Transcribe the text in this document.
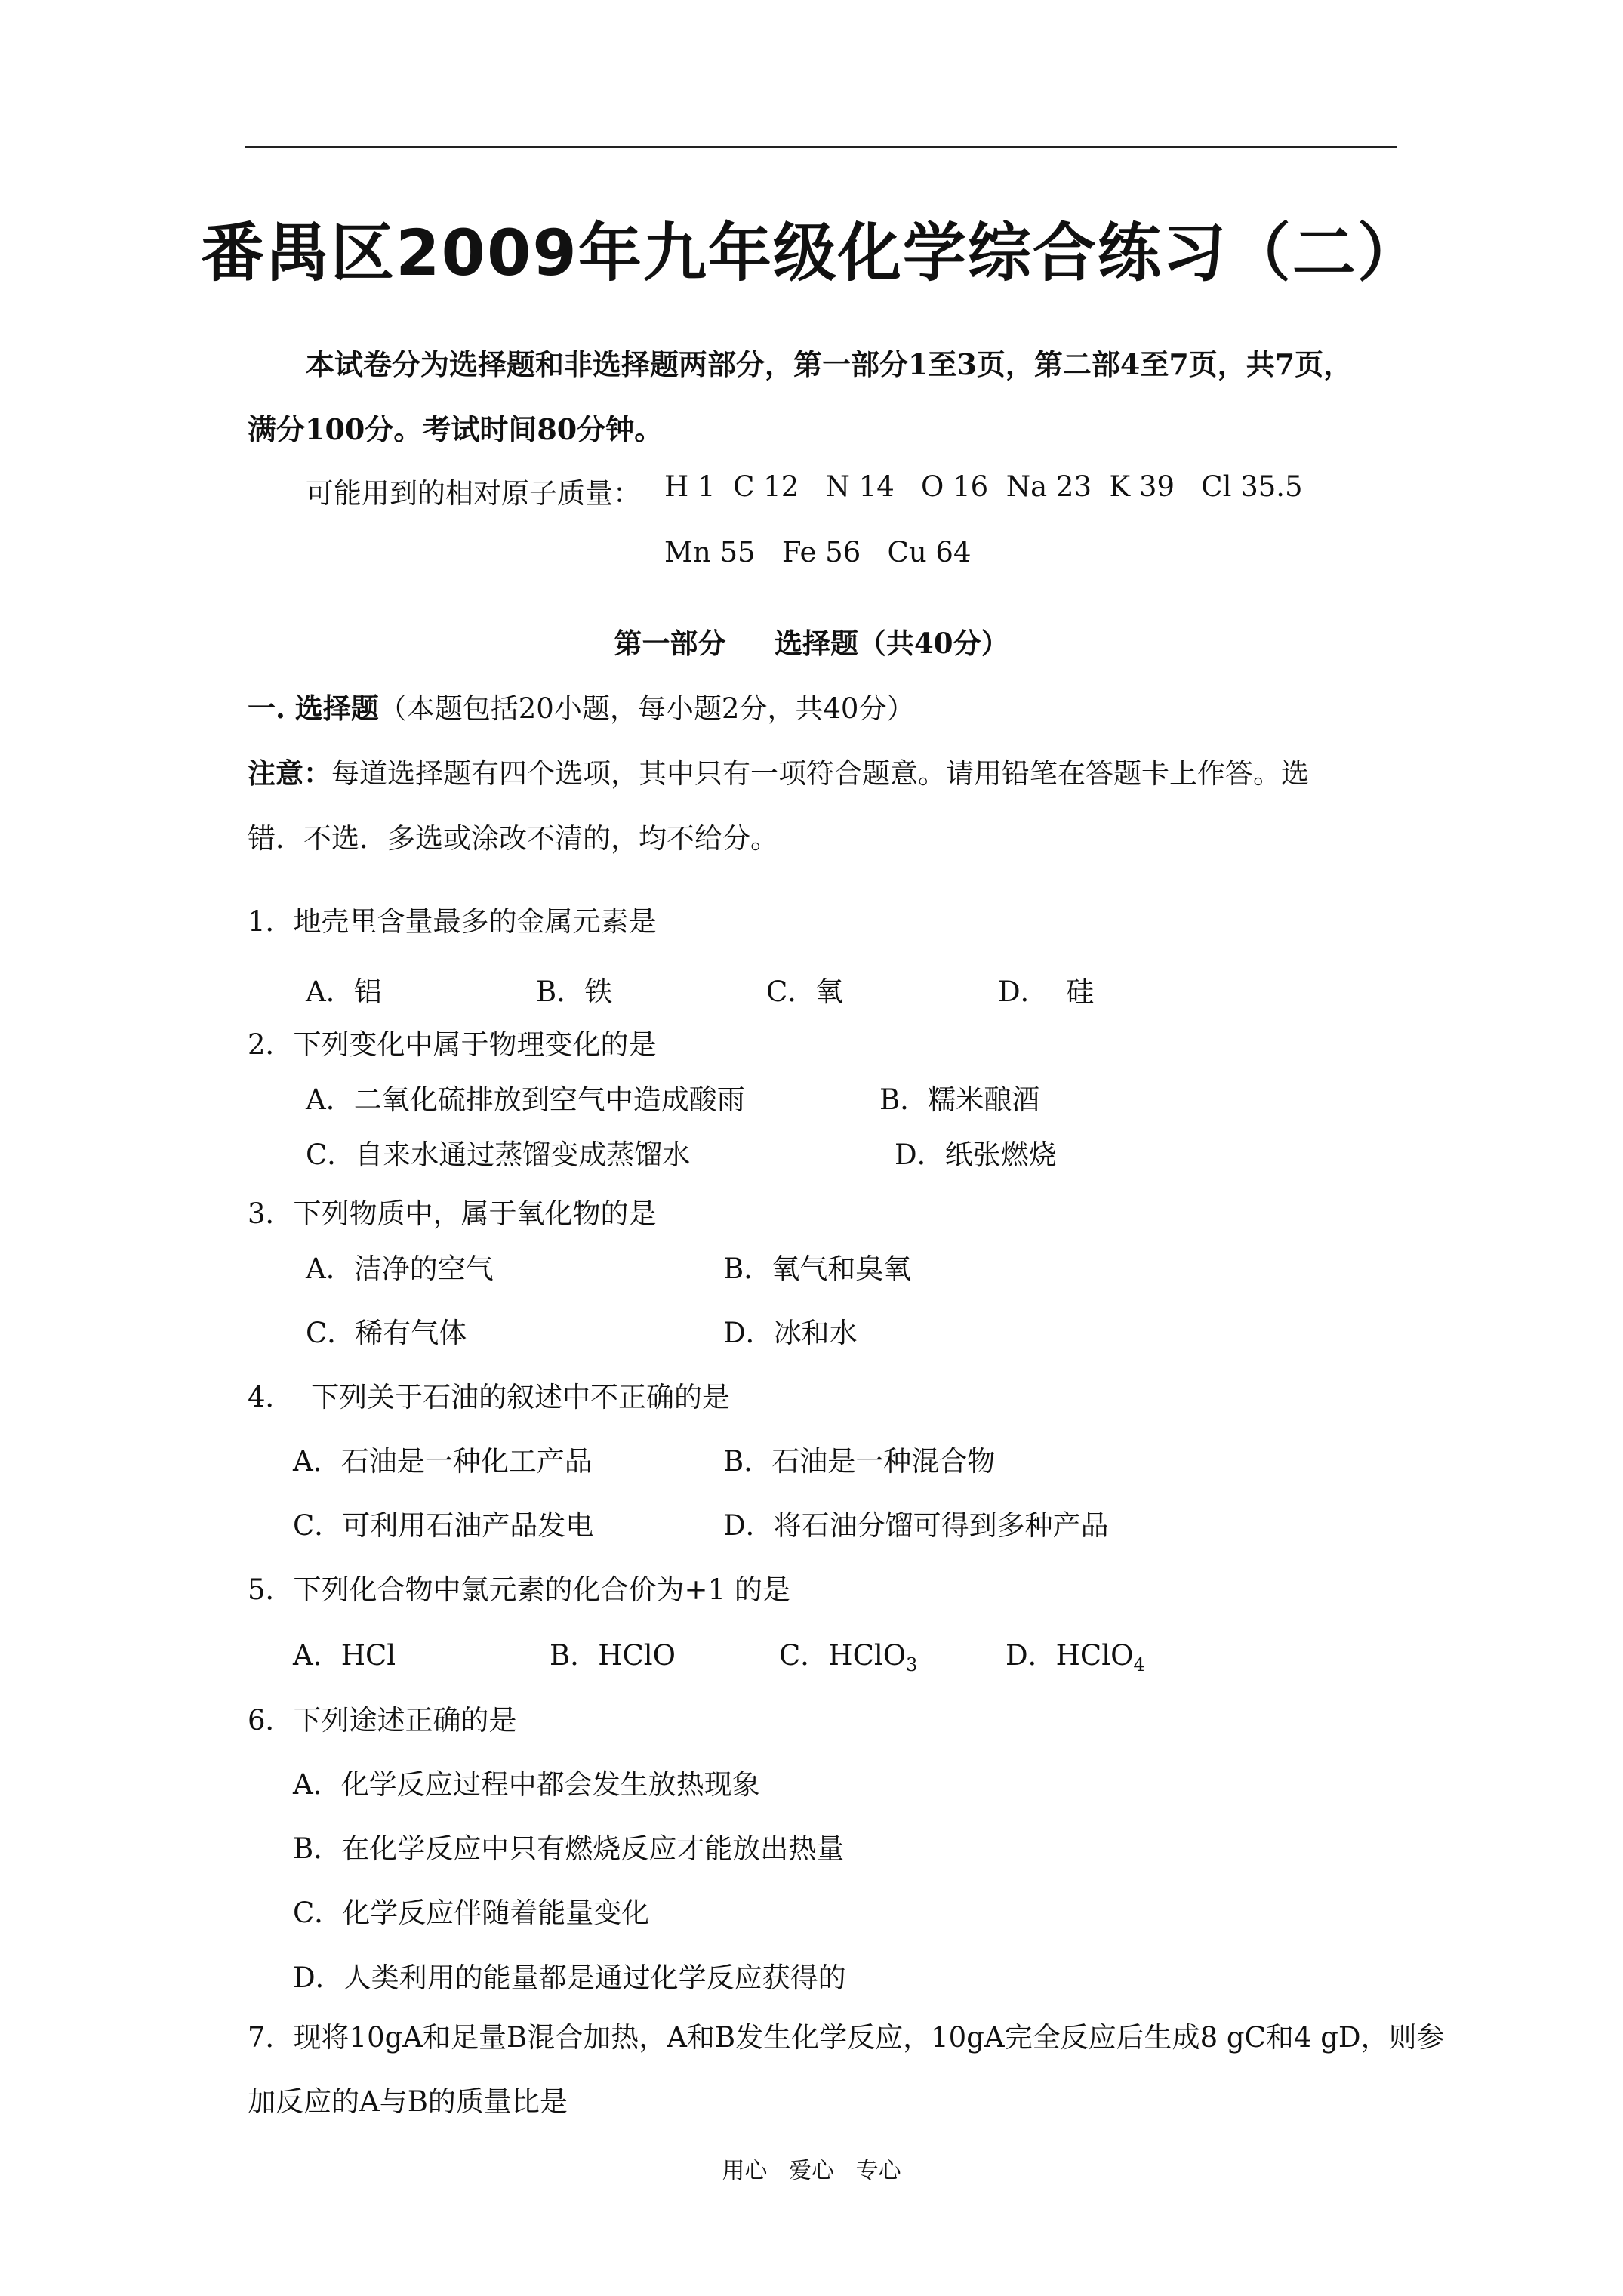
番禺区2009年九年级化学综合练习（二）
本试卷分为选择题和非选择题两部分，第一部分1至3页，第二部4至7页，共7页，
满分100分。考试时间80分钟。
可能用到的相对原子质量： H 1  C 12   N 14   O 16  Na 23  K 39   Cl 35.5
Mn 55   Fe 56   Cu 64
第一部分     选择题（共40分）
一. 选择题（本题包括20小题，每小题2分，共40分）
注意：每道选择题有四个选项，其中只有一项符合题意。请用铅笔在答题卡上作答。选
错．不选．多选或涂改不清的，均不给分。
1．地壳里含量最多的金属元素是
A．铝	B．铁	C．氧	D．  硅
2．下列变化中属于物理变化的是
A．二氧化硫排放到空气中造成酸雨	B．糯米酿酒
C．自来水通过蒸馏变成蒸馏水	D．纸张燃烧
3．下列物质中，属于氧化物的是
A．洁净的空气	B．氧气和臭氧
C．稀有气体	D．冰和水
4．  下列关于石油的叙述中不正确的是
A．石油是一种化工产品	B．石油是一种混合物
C．可利用石油产品发电	D．将石油分馏可得到多种产品
5．下列化合物中氯元素的化合价为+1 的是
A．HCl	B．HClO	C．HClO$_3$	D．HClO$_4$
6．下列途述正确的是
A．化学反应过程中都会发生放热现象
B．在化学反应中只有燃烧反应才能放出热量
C．化学反应伴随着能量变化
D．人类利用的能量都是通过化学反应获得的
7．现将10gA和足量B混合加热，A和B发生化学反应，10gA完全反应后生成8 gC和4 gD，则参
加反应的A与B的质量比是
用心   爱心   专心
